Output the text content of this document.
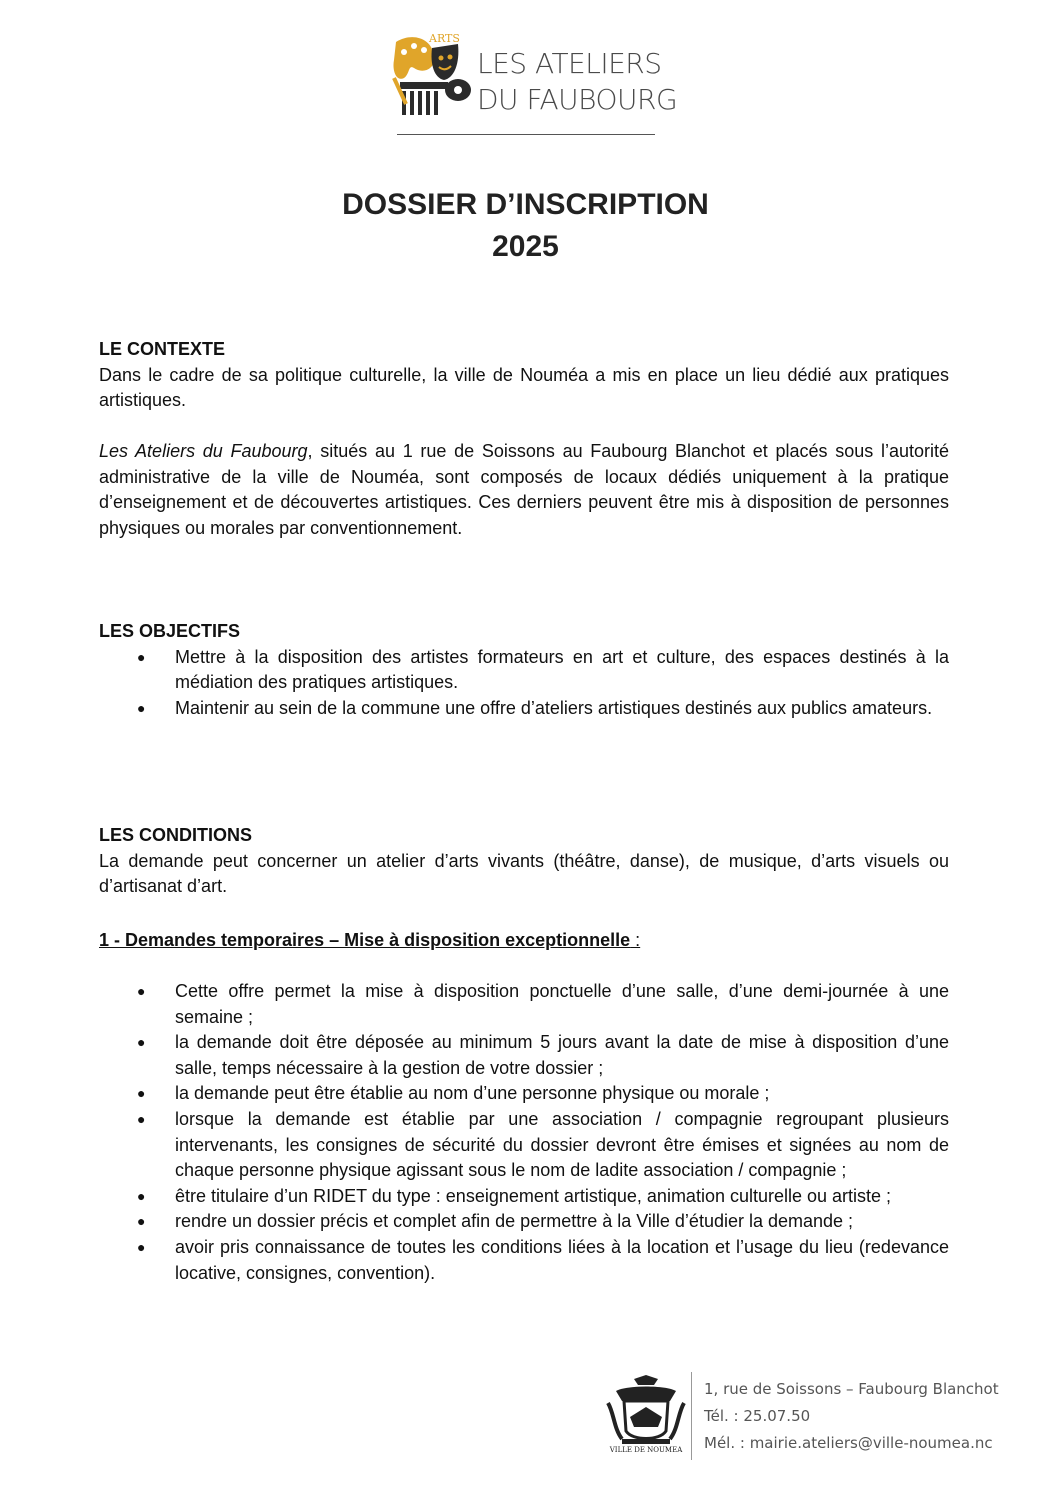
ARTS
LES ATELIERS
DU FAUBOURG
DOSSIER D’INSCRIPTION
2025
LE CONTEXTE
Dans le cadre de sa politique culturelle, la ville de Nouméa a mis en place un lieu dédié aux pratiques artistiques.
Les Ateliers du Faubourg, situés au 1 rue de Soissons au Faubourg Blanchot et placés sous l’autorité administrative de la ville de Nouméa, sont composés de locaux dédiés uniquement à la pratique d’enseignement et de découvertes artistiques. Ces derniers peuvent être mis à disposition de personnes physiques ou morales par conventionnement.
LES OBJECTIFS
● Mettre à la disposition des artistes formateurs en art et culture, des espaces destinés à la médiation des pratiques artistiques.
● Maintenir au sein de la commune une offre d’ateliers artistiques destinés aux publics amateurs.
LES CONDITIONS
La demande peut concerner un atelier d’arts vivants (théâtre, danse), de musique, d’arts visuels ou d’artisanat d’art.
1 - Demandes temporaires – Mise à disposition exceptionnelle :
● Cette offre permet la mise à disposition ponctuelle d’une salle, d’une demi-journée à une semaine ;
● la demande doit être déposée au minimum 5 jours avant la date de mise à disposition d’une salle, temps nécessaire à la gestion de votre dossier ;
● la demande peut être établie au nom d’une personne physique ou morale ;
● lorsque la demande est établie par une association / compagnie regroupant plusieurs intervenants, les consignes de sécurité du dossier devront être émises et signées au nom de chaque personne physique agissant sous le nom de ladite association / compagnie ;
● être titulaire d’un RIDET du type : enseignement artistique, animation culturelle ou artiste ;
● rendre un dossier précis et complet afin de permettre à la Ville d’étudier la demande ;
● avoir pris connaissance de toutes les conditions liées à la location et l’usage du lieu (redevance locative, consignes, convention).
VILLE DE NOUMEA
1, rue de Soissons – Faubourg Blanchot
Tél. : 25.07.50
Mél. : mairie.ateliers@ville-noumea.nc
